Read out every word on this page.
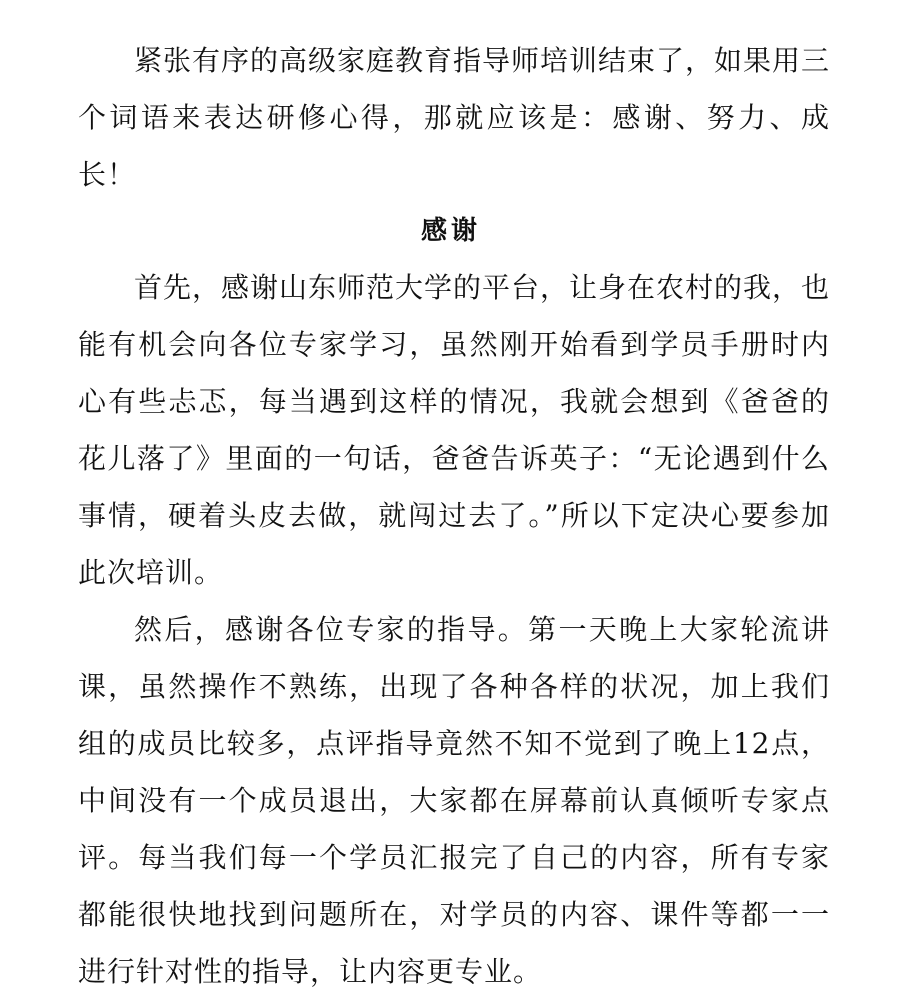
紧张有序的高级家庭教育指导师培训结束了，如果用三个词语来表达研修心得，那就应该是：感谢、努力、成长！

感谢

首先，感谢山东师范大学的平台，让身在农村的我，也能有机会向各位专家学习，虽然刚开始看到学员手册时内心有些忐忑，每当遇到这样的情况，我就会想到《爸爸的花儿落了》里面的一句话，爸爸告诉英子：“无论遇到什么事情，硬着头皮去做，就闯过去了。”所以下定决心要参加此次培训。

然后，感谢各位专家的指导。第一天晚上大家轮流讲课，虽然操作不熟练，出现了各种各样的状况，加上我们组的成员比较多，点评指导竟然不知不觉到了晚上12点，中间没有一个成员退出，大家都在屏幕前认真倾听专家点评。每当我们每一个学员汇报完了自己的内容，所有专家都能很快地找到问题所在，对学员的内容、课件等都一一进行针对性的指导，让内容更专业。
